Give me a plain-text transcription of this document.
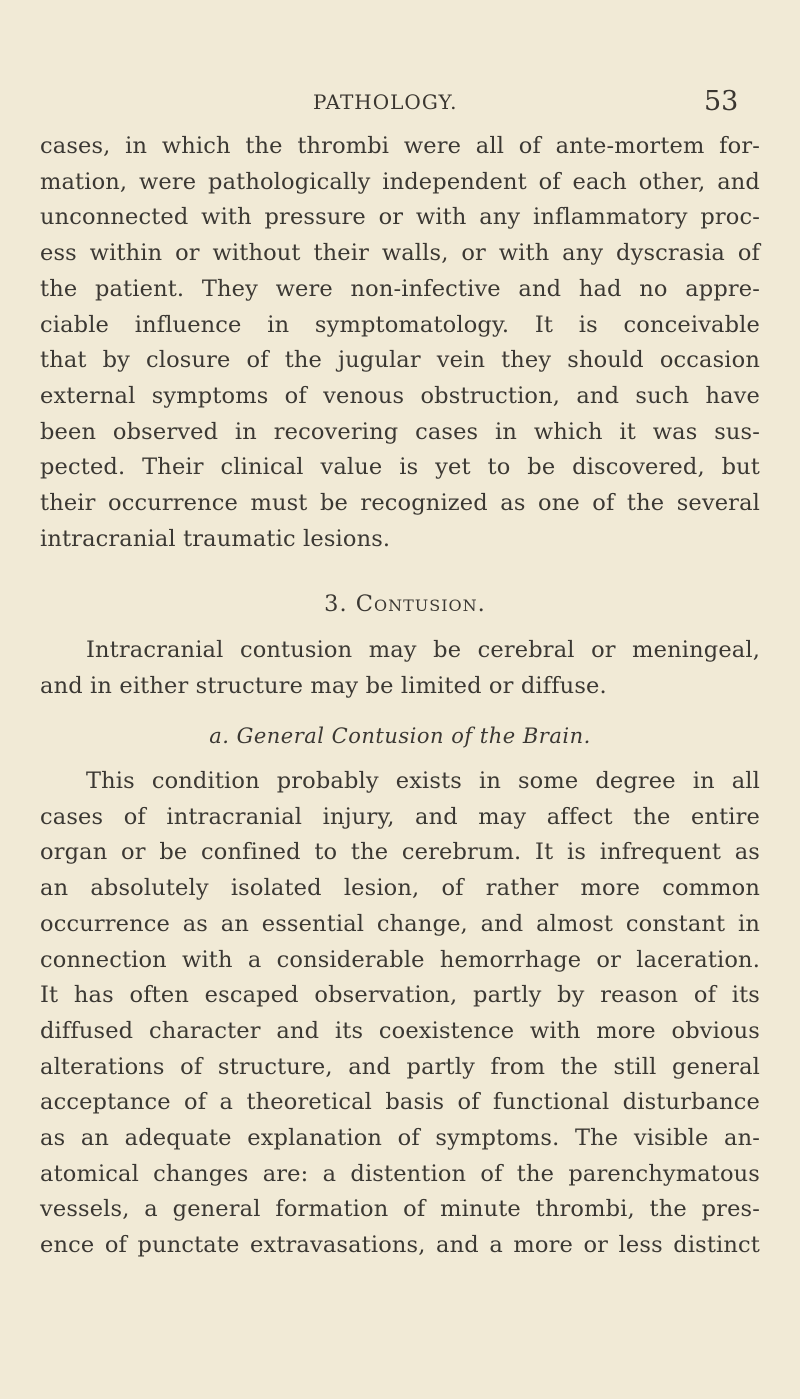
PATHOLOGY.	53
cases, in which the thrombi were all of ante-mortem for-
mation, were pathologically independent of each other, and
unconnected with pressure or with any inflammatory proc-
ess within or without their walls, or with any dyscrasia of
the patient. They were non-infective and had no appre-
ciable influence in symptomatology. It is conceivable
that by closure of the jugular vein they should occasion
external symptoms of venous obstruction, and such have
been observed in recovering cases in which it was sus-
pected. Their clinical value is yet to be discovered, but
their occurrence must be recognized as one of the several
intracranial traumatic lesions.
3. Contusion.
Intracranial contusion may be cerebral or meningeal,
and in either structure may be limited or diffuse.
a. General Contusion of the Brain.
This condition probably exists in some degree in all
cases of intracranial injury, and may affect the entire
organ or be confined to the cerebrum. It is infrequent as
an absolutely isolated lesion, of rather more common
occurrence as an essential change, and almost constant in
connection with a considerable hemorrhage or laceration.
It has often escaped observation, partly by reason of its
diffused character and its coexistence with more obvious
alterations of structure, and partly from the still general
acceptance of a theoretical basis of functional disturbance
as an adequate explanation of symptoms. The visible an-
atomical changes are: a distention of the parenchymatous
vessels, a general formation of minute thrombi, the pres-
ence of punctate extravasations, and a more or less distinct
